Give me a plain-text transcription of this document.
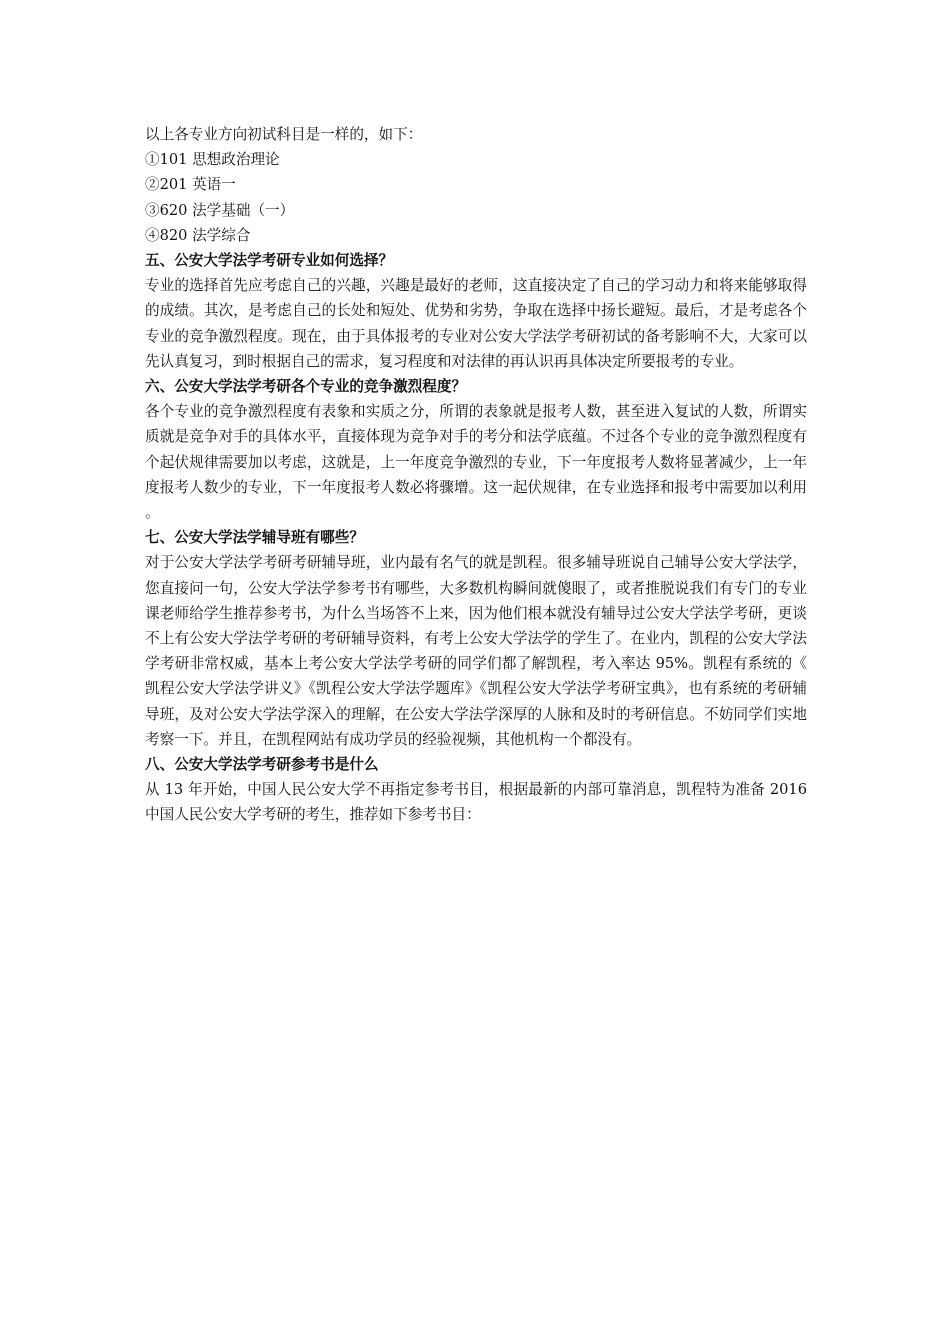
以上各专业方向初试科目是一样的，如下：

①101 思想政治理论

②201 英语一

③620 法学基础（一）

④820 法学综合

五、公安大学法学考研专业如何选择？

专业的选择首先应考虑自己的兴趣，兴趣是最好的老师，这直接决定了自己的学习动力和将来能够取得的成绩。其次，是考虑自己的长处和短处、优势和劣势，争取在选择中扬长避短。最后，才是考虑各个专业的竞争激烈程度。现在，由于具体报考的专业对公安大学法学考研初试的备考影响不大，大家可以先认真复习，到时根据自己的需求，复习程度和对法律的再认识再具体决定所要报考的专业。

六、公安大学法学考研各个专业的竞争激烈程度？

各个专业的竞争激烈程度有表象和实质之分，所谓的表象就是报考人数，甚至进入复试的人数，所谓实质就是竞争对手的具体水平，直接体现为竞争对手的考分和法学底蕴。不过各个专业的竞争激烈程度有个起伏规律需要加以考虑，这就是，上一年度竞争激烈的专业，下一年度报考人数将显著减少，上一年度报考人数少的专业，下一年度报考人数必将骤增。这一起伏规律，在专业选择和报考中需要加以利用。

七、公安大学法学辅导班有哪些？

对于公安大学法学考研考研辅导班，业内最有名气的就是凯程。很多辅导班说自己辅导公安大学法学，您直接问一句，公安大学法学参考书有哪些，大多数机构瞬间就傻眼了，或者推脱说我们有专门的专业课老师给学生推荐参考书，为什么当场答不上来，因为他们根本就没有辅导过公安大学法学考研，更谈不上有公安大学法学考研的考研辅导资料，有考上公安大学法学的学生了。在业内，凯程的公安大学法学考研非常权威，基本上考公安大学法学考研的同学们都了解凯程，考入率达 95%。凯程有系统的《凯程公安大学法学讲义》《凯程公安大学法学题库》《凯程公安大学法学考研宝典》，也有系统的考研辅导班，及对公安大学法学深入的理解，在公安大学法学深厚的人脉和及时的考研信息。不妨同学们实地考察一下。并且，在凯程网站有成功学员的经验视频，其他机构一个都没有。

八、公安大学法学考研参考书是什么

从 13 年开始，中国人民公安大学不再指定参考书目，根据最新的内部可靠消息，凯程特为准备 2016 中国人民公安大学考研的考生，推荐如下参考书目：
